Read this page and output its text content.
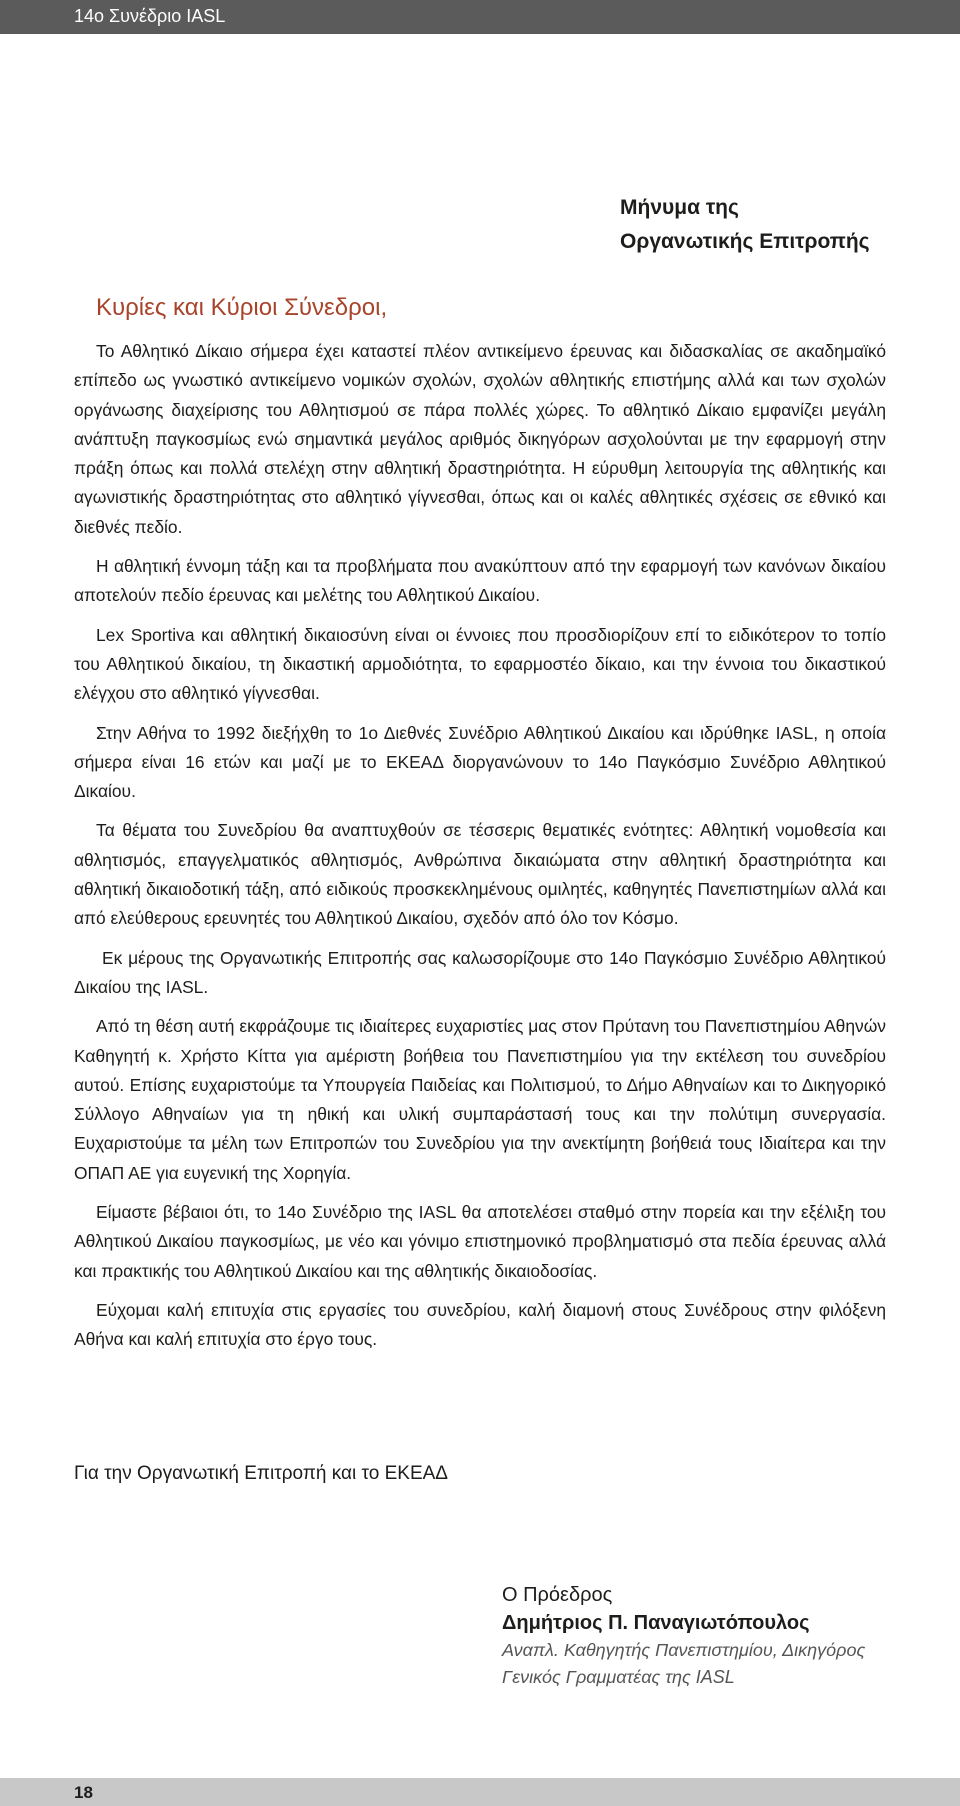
14ο Συνέδριο IASL
Μήνυμα της
Οργανωτικής Επιτροπής
Κυρίες και Κύριοι Σύνεδροι,

Το Αθλητικό Δίκαιο σήμερα έχει καταστεί πλέον αντικείμενο έρευνας και διδασκαλίας σε ακαδημαϊκό επίπεδο ως γνωστικό αντικείμενο νομικών σχολών, σχολών αθλητικής επιστήμης αλλά και των σχολών οργάνωσης διαχείρισης του Αθλητισμού σε πάρα πολλές χώρες. Το αθλητικό Δίκαιο εμφανίζει μεγάλη ανάπτυξη παγκοσμίως ενώ σημαντικά μεγάλος αριθμός δικηγόρων ασχολούνται με την εφαρμογή στην πράξη όπως και πολλά στελέχη στην αθλητική δραστηριότητα. Η εύρυθμη λειτουργία της αθλητικής και αγωνιστικής δραστηριότητας στο αθλητικό γίγνεσθαι, όπως και οι καλές αθλητικές σχέσεις σε εθνικό και διεθνές πεδίο.

Η αθλητική έννομη τάξη και τα προβλήματα που ανακύπτουν από την εφαρμογή των κανόνων δικαίου αποτελούν πεδίο έρευνας και μελέτης του Αθλητικού Δικαίου.

Lex Sportiva και αθλητική δικαιοσύνη είναι οι έννοιες που προσδιορίζουν επί το ειδικότερον το τοπίο του Αθλητικού δικαίου, τη δικαστική αρμοδιότητα, το εφαρμοστέο δίκαιο, και την έννοια του δικαστικού ελέγχου στο αθλητικό γίγνεσθαι.

Στην Αθήνα το 1992 διεξήχθη το 1ο Διεθνές Συνέδριο Αθλητικού Δικαίου και ιδρύθηκε IASL, η οποία σήμερα είναι 16 ετών και μαζί με το ΕΚΕΑΔ διοργανώνουν το 14ο Παγκόσμιο Συνέδριο Αθλητικού Δικαίου.

Τα θέματα του Συνεδρίου θα αναπτυχθούν σε τέσσερις θεματικές ενότητες: Αθλητική νομοθεσία και αθλητισμός, επαγγελματικός αθλητισμός, Ανθρώπινα δικαιώματα στην αθλητική δραστηριότητα και αθλητική δικαιοδοτική τάξη, από ειδικούς προσκεκλημένους ομιλητές, καθηγητές Πανεπιστημίων αλλά και από ελεύθερους ερευνητές του Αθλητικού Δικαίου, σχεδόν από όλο τον Κόσμο.

Εκ μέρους της Οργανωτικής Επιτροπής σας καλωσορίζουμε στο 14ο Παγκόσμιο Συνέδριο Αθλητικού Δικαίου της IASL.

Από τη θέση αυτή εκφράζουμε τις ιδιαίτερες ευχαριστίες μας στον Πρύτανη του Πανεπιστημίου Αθηνών Καθηγητή κ. Χρήστο Κίττα για αμέριστη βοήθεια του Πανεπιστημίου για την εκτέλεση του συνεδρίου αυτού. Επίσης ευχαριστούμε τα Υπουργεία Παιδείας και Πολιτισμού, το Δήμο Αθηναίων και το Δικηγορικό Σύλλογο Αθηναίων για τη ηθική και υλική συμπαράστασή τους και την πολύτιμη συνεργασία. Ευχαριστούμε τα μέλη των Επιτροπών του Συνεδρίου για την ανεκτίμητη βοήθειά τους Ιδιαίτερα και την ΟΠΑΠ ΑΕ για ευγενική της Χορηγία.

Είμαστε βέβαιοι ότι, το 14ο Συνέδριο της IASL θα αποτελέσει σταθμό στην πορεία και την εξέλιξη του Αθλητικού Δικαίου παγκοσμίως, με νέο και γόνιμο επιστημονικό προβληματισμό στα πεδία έρευνας αλλά και πρακτικής του Αθλητικού Δικαίου και της αθλητικής δικαιοδοσίας.

Εύχομαι καλή επιτυχία στις εργασίες του συνεδρίου, καλή διαμονή στους Συνέδρους στην φιλόξενη Αθήνα και καλή επιτυχία στο έργο τους.

Για την Οργανωτική Επιτροπή και το ΕΚΕΑΔ
Ο Πρόεδρος
Δημήτριος Π. Παναγιωτόπουλος
Αναπλ. Καθηγητής Πανεπιστημίου, Δικηγόρος
Γενικός Γραμματέας της IASL
18
